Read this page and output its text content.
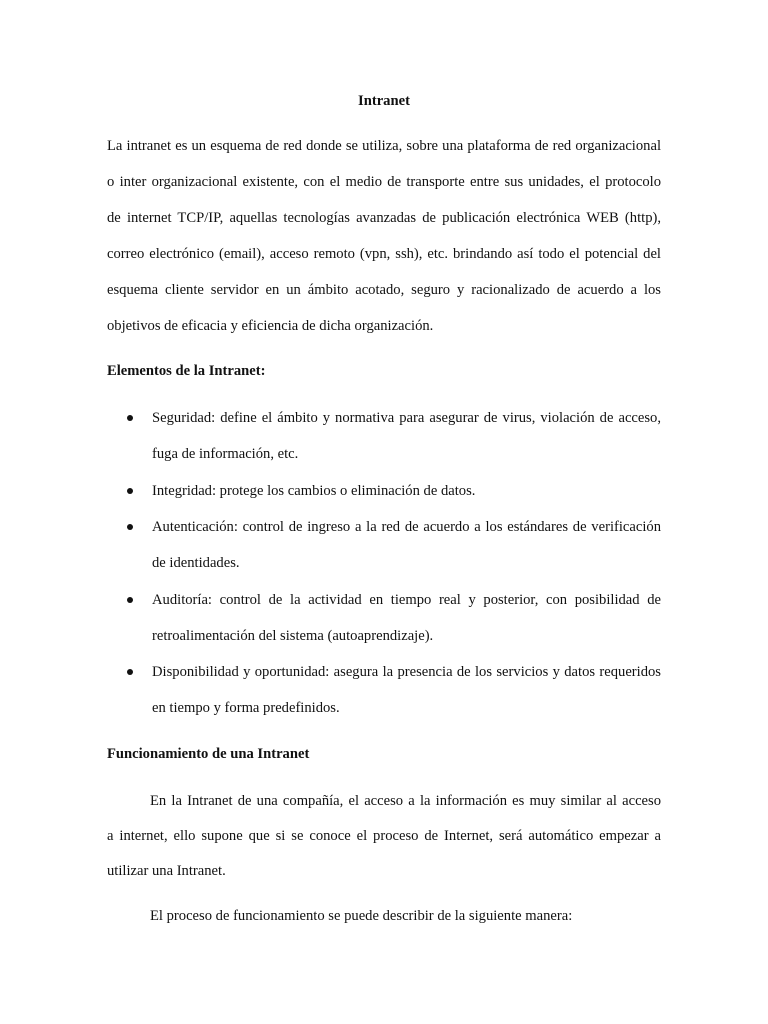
Intranet
La intranet es un esquema de red donde se utiliza, sobre una plataforma de red organizacional
o inter organizacional existente, con el medio de transporte entre sus unidades, el protocolo
de internet TCP/IP, aquellas tecnologías avanzadas de publicación electrónica WEB (http),
correo electrónico (email), acceso remoto (vpn, ssh), etc. brindando así todo el potencial del
esquema cliente servidor en un ámbito acotado, seguro y racionalizado de acuerdo a los
objetivos de eficacia y eficiencia de dicha organización.
Elementos de la Intranet:
Seguridad: define el ámbito y normativa para asegurar de virus, violación de acceso,
fuga de información, etc.
Integridad: protege los cambios o eliminación de datos.
Autenticación: control de ingreso a la red de acuerdo a los estándares de verificación
de identidades.
Auditoría: control de la actividad en tiempo real y posterior, con posibilidad de
retroalimentación del sistema (autoaprendizaje).
Disponibilidad y oportunidad: asegura la presencia de los servicios y datos requeridos
en tiempo y forma predefinidos.
Funcionamiento de una Intranet
En la Intranet de una compañía, el acceso a la información es muy similar al acceso
a internet, ello supone que si se conoce el proceso de Internet, será automático empezar a
utilizar una Intranet.
El proceso de funcionamiento se puede describir de la siguiente manera:
